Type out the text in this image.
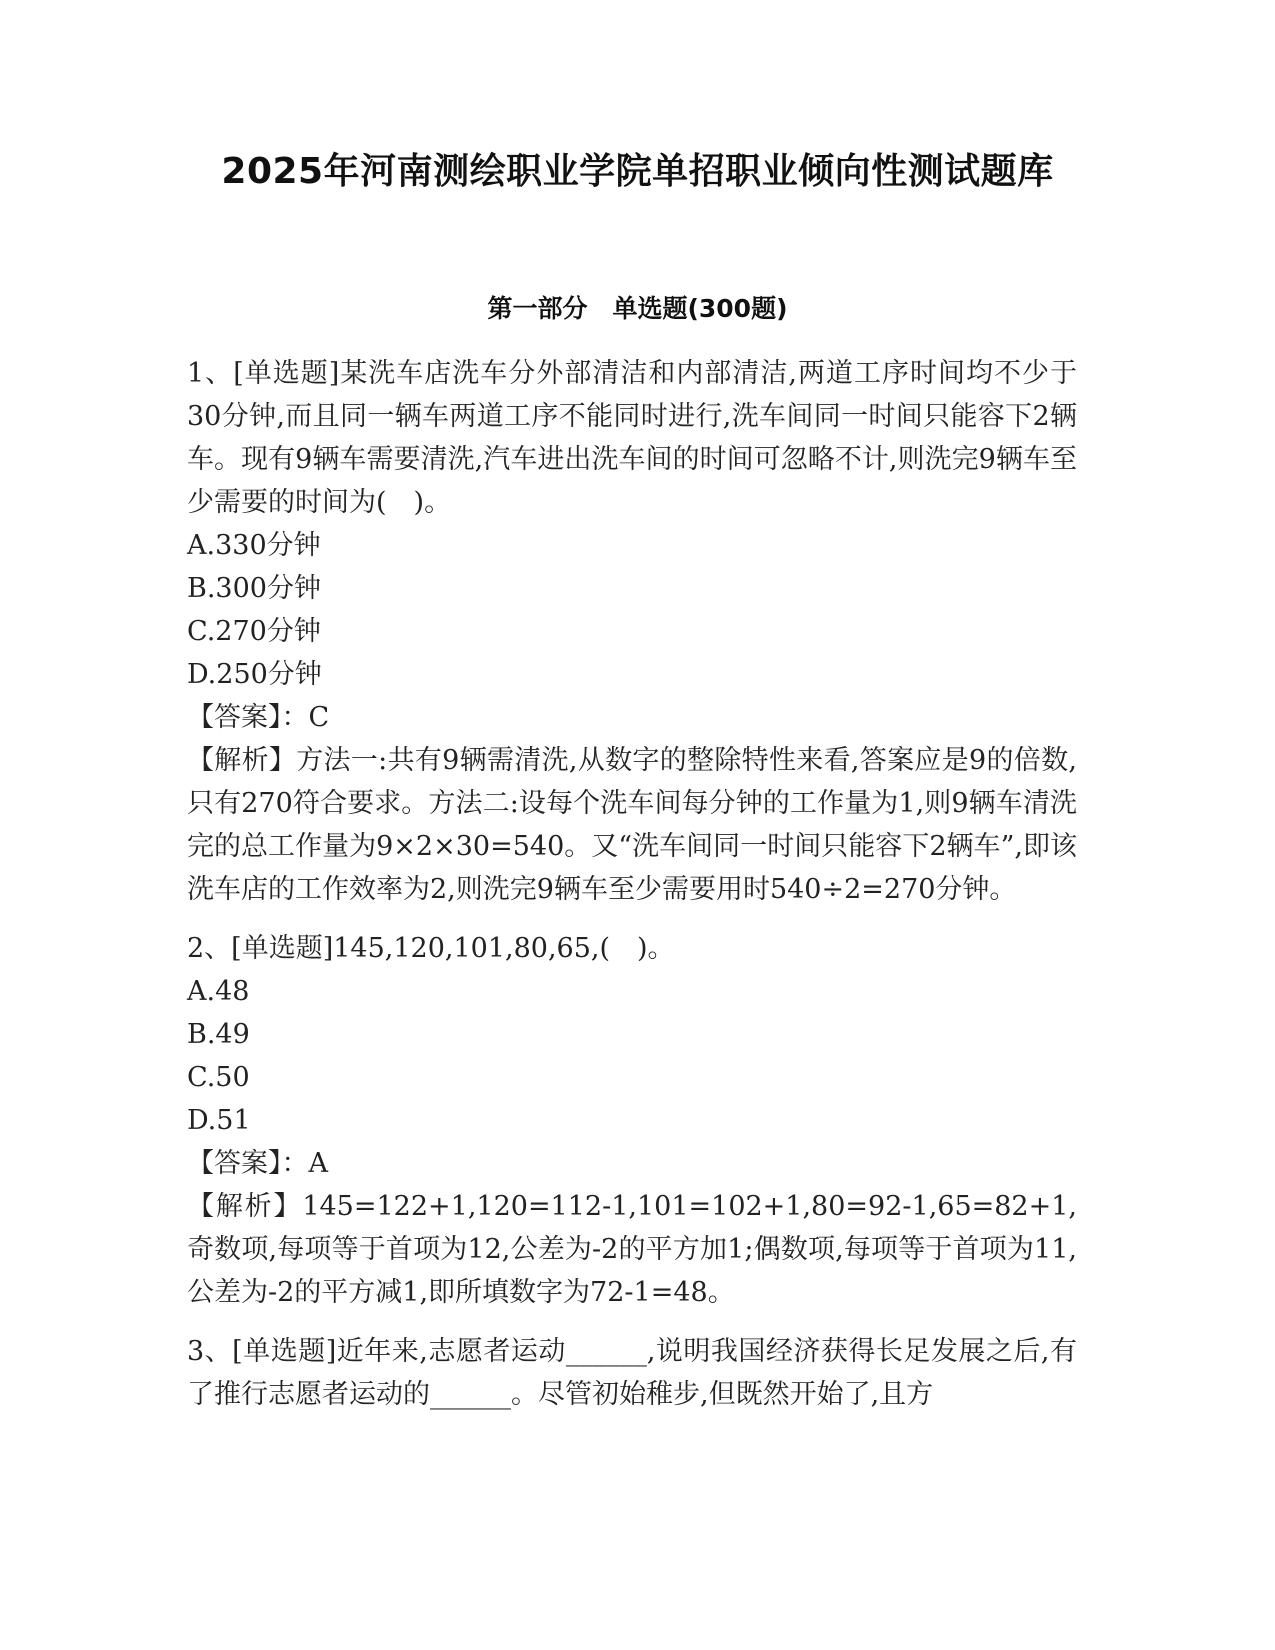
2025年河南测绘职业学院单招职业倾向性测试题库
第一部分　单选题(300题)

1、[单选题]某洗车店洗车分外部清洁和内部清洁,两道工序时间均不少于30分钟,而且同一辆车两道工序不能同时进行,洗车间同一时间只能容下2辆车。现有9辆车需要清洗,汽车进出洗车间的时间可忽略不计,则洗完9辆车至少需要的时间为(　)。

A.330分钟

B.300分钟

C.270分钟

D.250分钟

【答案】：C

【解析】方法一:共有9辆需清洗,从数字的整除特性来看,答案应是9的倍数,只有270符合要求。方法二:设每个洗车间每分钟的工作量为1,则9辆车清洗完的总工作量为9×2×30=540。又“洗车间同一时间只能容下2辆车”,即该洗车店的工作效率为2,则洗完9辆车至少需要用时540÷2=270分钟。

2、[单选题]145,120,101,80,65,(　)。

A.48

B.49

C.50

D.51

【答案】：A

【解析】145=122+1,120=112-1,101=102+1,80=92-1,65=82+1,奇数项,每项等于首项为12,公差为-2的平方加1;偶数项,每项等于首项为11,公差为-2的平方减1,即所填数字为72-1=48。

3、[单选题]近年来,志愿者运动______,说明我国经济获得长足发展之后,有了推行志愿者运动的______。尽管初始稚步,但既然开始了,且方
